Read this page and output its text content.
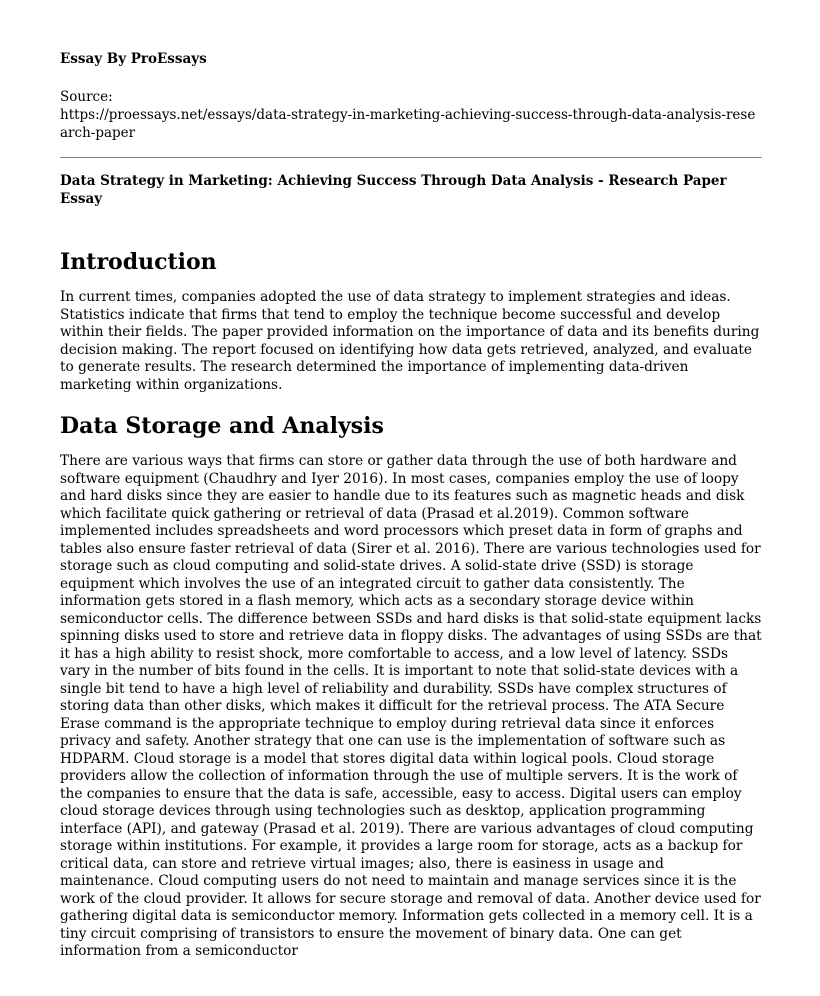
Essay By ProEssays

Source:

https://proessays.net/essays/data-strategy-in-marketing-achieving-success-through-data-analysis-research-paper

Data Strategy in Marketing: Achieving Success Through Data Analysis - Research Paper Essay
Introduction

In current times, companies adopted the use of data strategy to implement strategies and ideas. Statistics indicate that firms that tend to employ the technique become successful and develop within their fields. The paper provided information on the importance of data and its benefits during decision making. The report focused on identifying how data gets retrieved, analyzed, and evaluate to generate results. The research determined the importance of implementing data-driven marketing within organizations.

Data Storage and Analysis

There are various ways that firms can store or gather data through the use of both hardware and software equipment (Chaudhry and Iyer 2016). In most cases, companies employ the use of loopy and hard disks since they are easier to handle due to its features such as magnetic heads and disk which facilitate quick gathering or retrieval of data (Prasad et al.2019). Common software implemented includes spreadsheets and word processors which preset data in form of graphs and tables also ensure faster retrieval of data (Sirer et al. 2016). There are various technologies used for storage such as cloud computing and solid-state drives. A solid-state drive (SSD) is storage equipment which involves the use of an integrated circuit to gather data consistently. The information gets stored in a flash memory, which acts as a secondary storage device within semiconductor cells. The difference between SSDs and hard disks is that solid-state equipment lacks spinning disks used to store and retrieve data in floppy disks. The advantages of using SSDs are that it has a high ability to resist shock, more comfortable to access, and a low level of latency. SSDs vary in the number of bits found in the cells. It is important to note that solid-state devices with a single bit tend to have a high level of reliability and durability. SSDs have complex structures of storing data than other disks, which makes it difficult for the retrieval process. The ATA Secure Erase command is the appropriate technique to employ during retrieval data since it enforces privacy and safety. Another strategy that one can use is the implementation of software such as HDPARM. Cloud storage is a model that stores digital data within logical pools. Cloud storage providers allow the collection of information through the use of multiple servers. It is the work of the companies to ensure that the data is safe, accessible, easy to access. Digital users can employ cloud storage devices through using technologies such as desktop, application programming interface (API), and gateway (Prasad et al. 2019). There are various advantages of cloud computing storage within institutions. For example, it provides a large room for storage, acts as a backup for critical data, can store and retrieve virtual images; also, there is easiness in usage and maintenance. Cloud computing users do not need to maintain and manage services since it is the work of the cloud provider. It allows for secure storage and removal of data. Another device used for gathering digital data is semiconductor memory. Information gets collected in a memory cell. It is a tiny circuit comprising of transistors to ensure the movement of binary data. One can get information from a semiconductor
